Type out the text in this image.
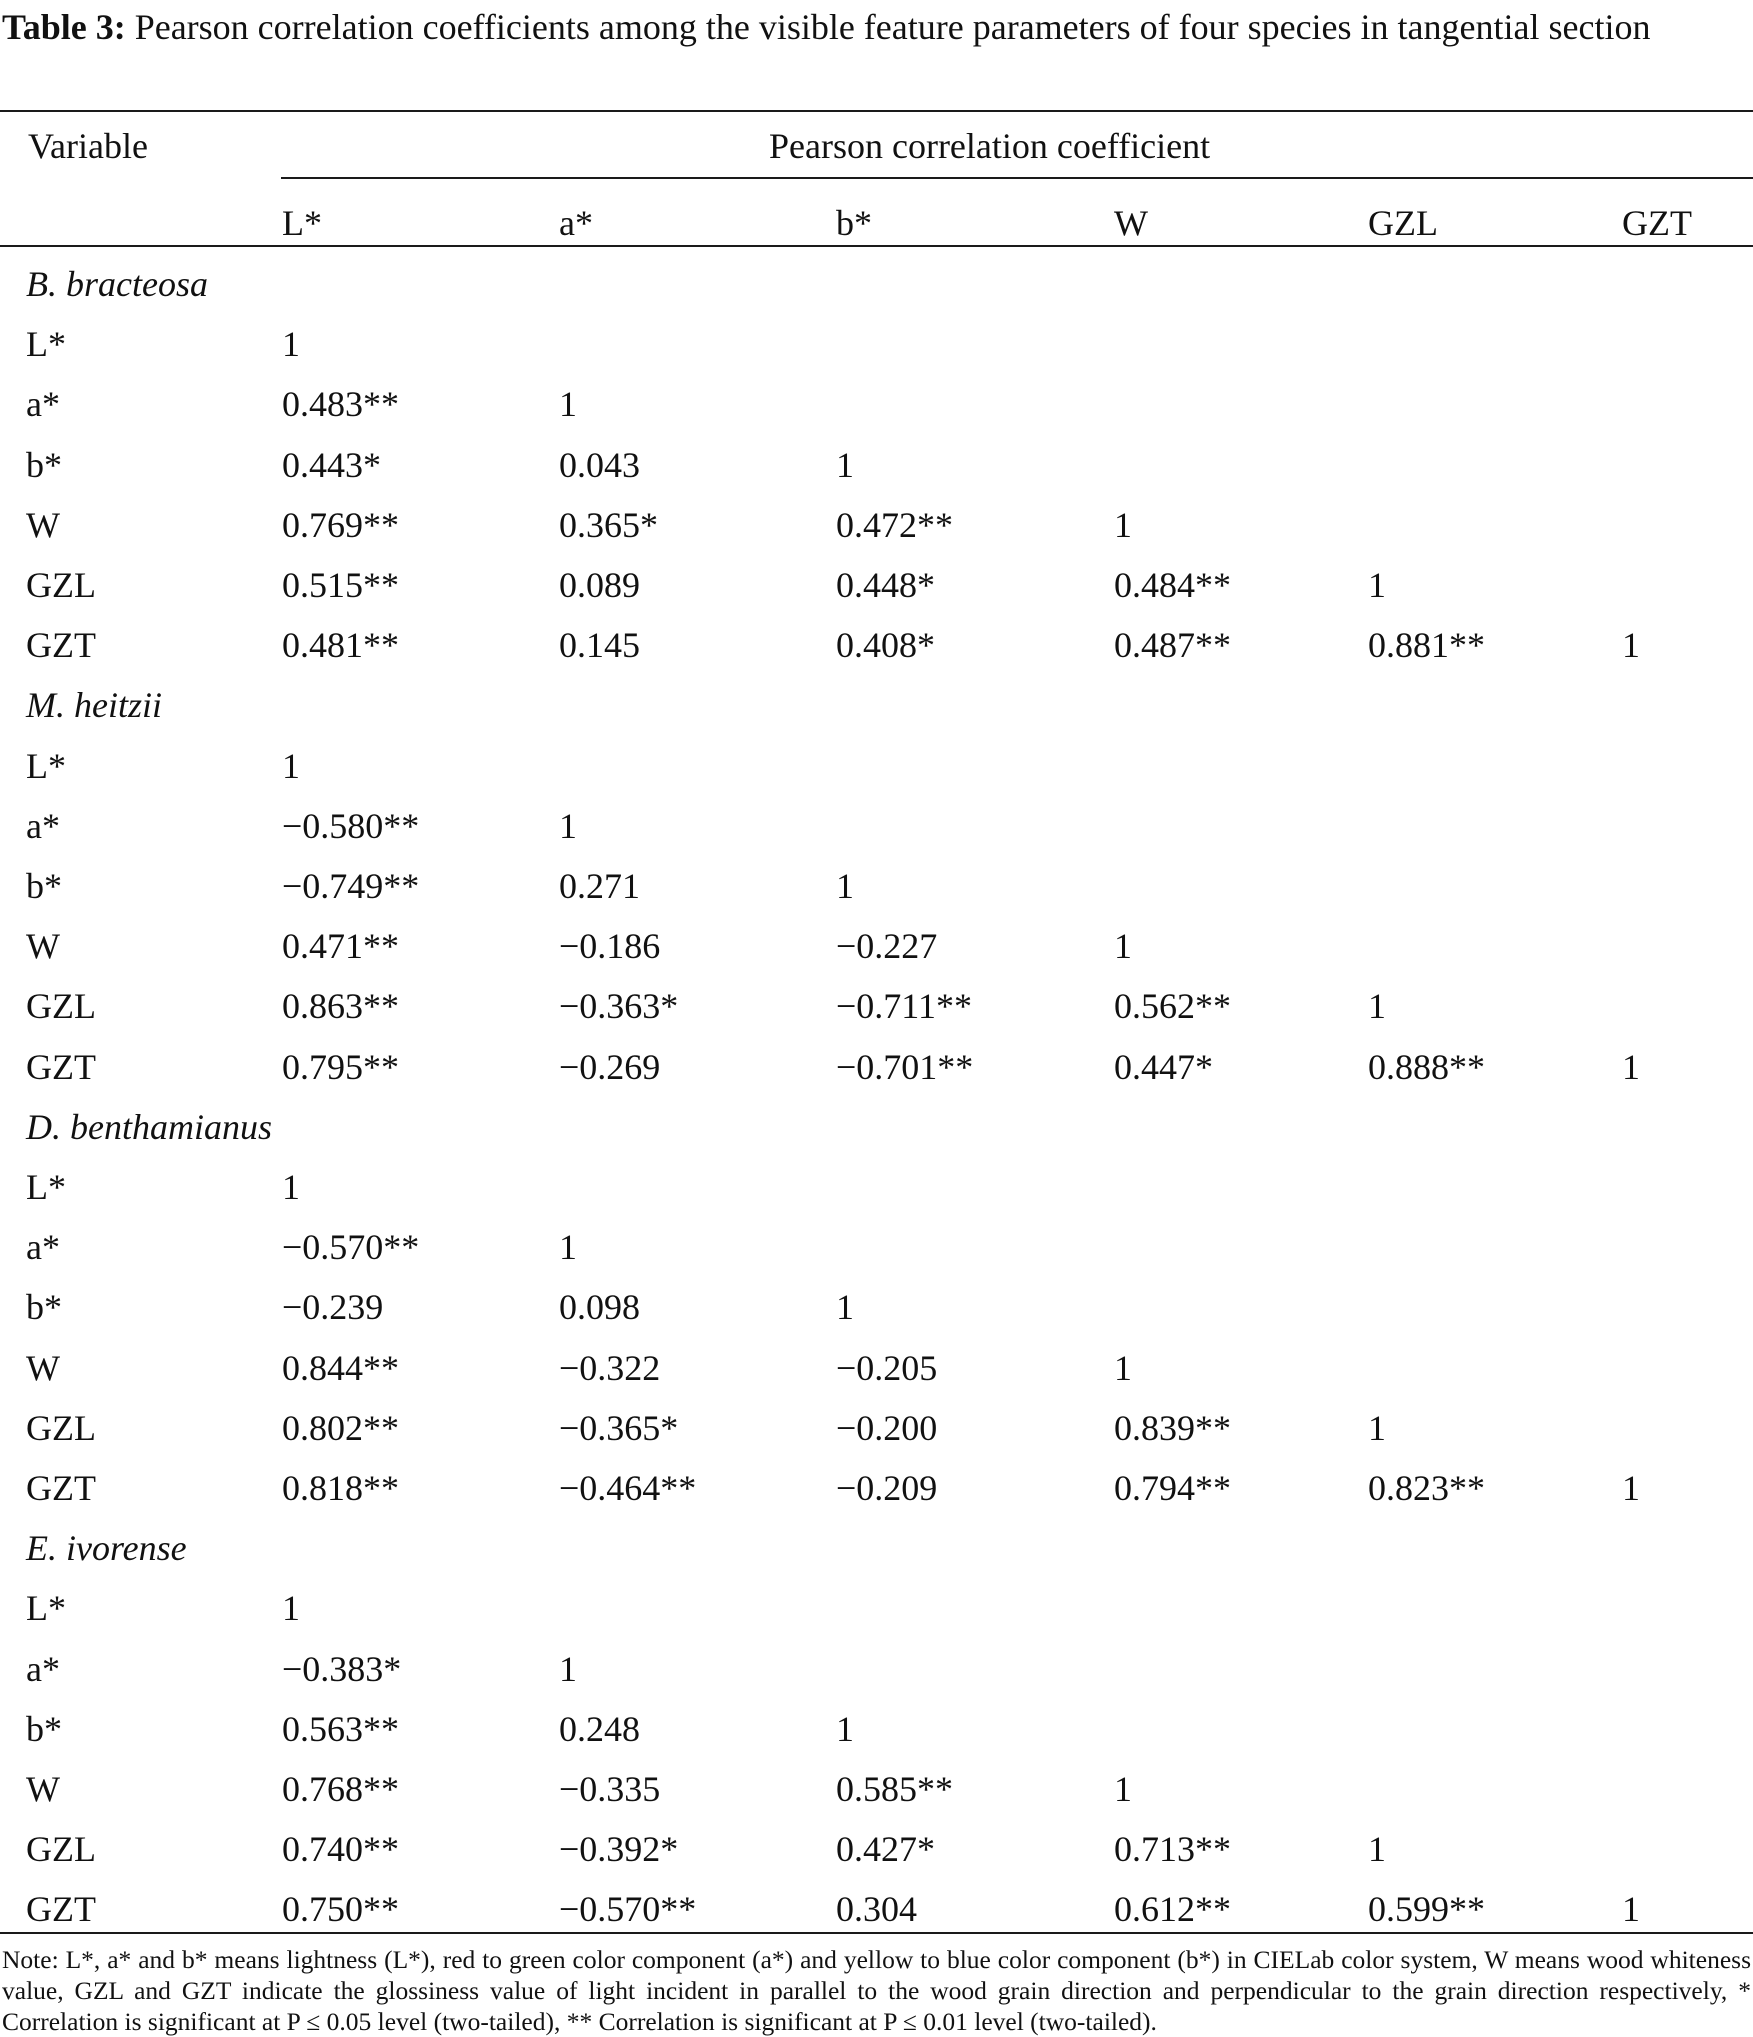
Table 3: Pearson correlation coefficients among the visible feature parameters of four species in tangential section
Variable	Pearson correlation coefficient
L*	a*	b*	W	GZL	GZT
B. bracteosa
L*	1
a*	0.483**	1
b*	0.443*	0.043	1
W	0.769**	0.365*	0.472**	1
GZL	0.515**	0.089	0.448*	0.484**	1
GZT	0.481**	0.145	0.408*	0.487**	0.881**	1
M. heitzii
L*	1
a*	−0.580**	1
b*	−0.749**	0.271	1
W	0.471**	−0.186	−0.227	1
GZL	0.863**	−0.363*	−0.711**	0.562**	1
GZT	0.795**	−0.269	−0.701**	0.447*	0.888**	1
D. benthamianus
L*	1
a*	−0.570**	1
b*	−0.239	0.098	1
W	0.844**	−0.322	−0.205	1
GZL	0.802**	−0.365*	−0.200	0.839**	1
GZT	0.818**	−0.464**	−0.209	0.794**	0.823**	1
E. ivorense
L*	1
a*	−0.383*	1
b*	0.563**	0.248	1
W	0.768**	−0.335	0.585**	1
GZL	0.740**	−0.392*	0.427*	0.713**	1
GZT	0.750**	−0.570**	0.304	0.612**	0.599**	1
Note: L*, a* and b* means lightness (L*), red to green color component (a*) and yellow to blue color component (b*) in CIELab color system, W means wood whiteness value, GZL and GZT indicate the glossiness value of light incident in parallel to the wood grain direction and perpendicular to the grain direction respectively, * Correlation is significant at P ≤ 0.05 level (two-tailed), ** Correlation is significant at P ≤ 0.01 level (two-tailed).
